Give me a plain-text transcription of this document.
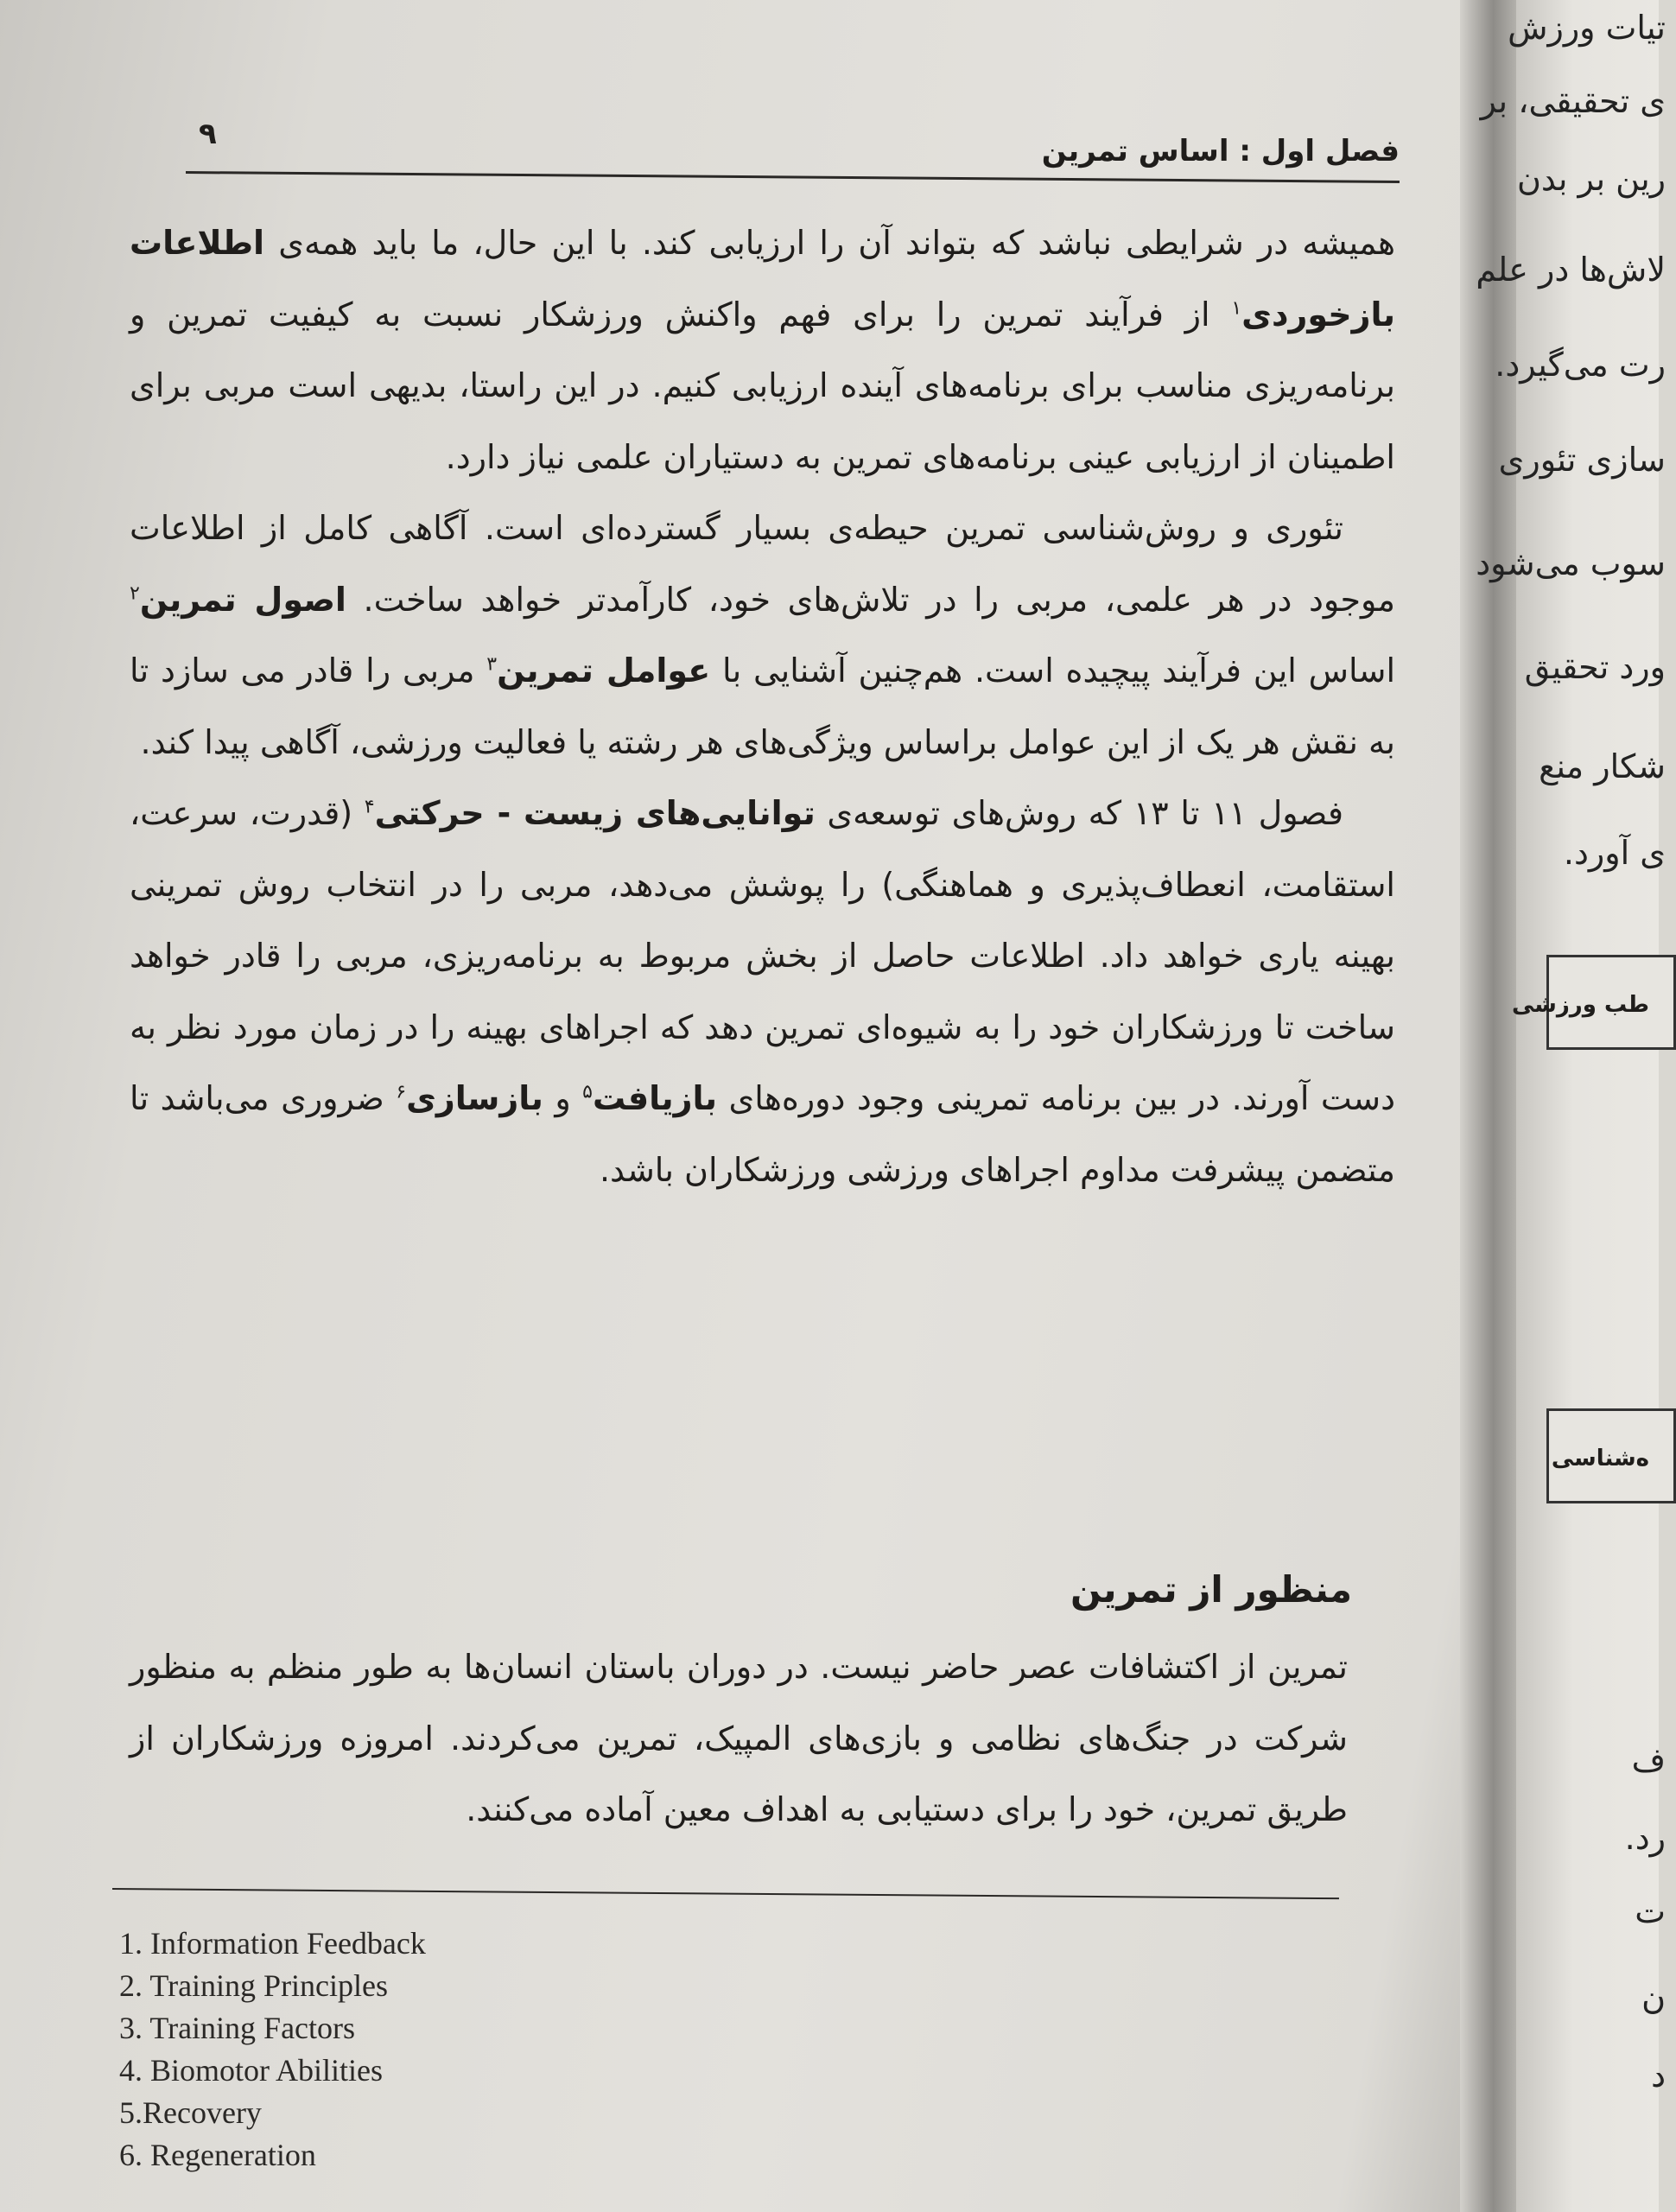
فصل اول : اساس تمرین
۹

همیشه در شرایطی نباشد که بتواند آن را ارزیابی کند. با این حال، ما باید همه‌ی اطلاعات بازخوردی$^۱$ از فرآیند تمرین را برای فهم واکنش ورزشکار نسبت به کیفیت تمرین و برنامه‌ریزی مناسب برای برنامه‌های آینده ارزیابی کنیم. در این راستا، بدیهی است مربی برای اطمینان از ارزیابی عینی برنامه‌های تمرین به دستیاران علمی نیاز دارد.

تئوری و روش‌شناسی تمرین حیطه‌ی بسیار گسترده‌ای است. آگاهی کامل از اطلاعات موجود در هر علمی، مربی را در تلاش‌های خود، کارآمدتر خواهد ساخت. اصول تمرین$^۲$ اساس این فرآیند پیچیده است. هم‌چنین آشنایی با عوامل تمرین$^۳$ مربی را قادر می سازد تا به نقش هر یک از این عوامل براساس ویژگی‌های هر رشته یا فعالیت ورزشی، آگاهی پیدا کند.

فصول ۱۱ تا ۱۳ که روش‌های توسعه‌ی توانایی‌های زیست - حرکتی$^۴$ (قدرت، سرعت، استقامت، انعطاف‌پذیری و هماهنگی) را پوشش می‌دهد، مربی را در انتخاب روش تمرینی بهینه یاری خواهد داد. اطلاعات حاصل از بخش مربوط به برنامه‌ریزی، مربی را قادر خواهد ساخت تا ورزشکاران خود را به شیوه‌ای تمرین دهد که اجراهای بهینه را در زمان مورد نظر به دست آورند. در بین برنامه تمرینی وجود دوره‌های بازیافت$^۵$ و بازسازی$^۶$ ضروری می‌باشد تا متضمن پیشرفت مداوم اجراهای ورزشی ورزشکاران باشد.

منظور از تمرین

تمرین از اکتشافات عصر حاضر نیست. در دوران باستان انسان‌ها به طور منظم به منظور شرکت در جنگ‌های نظامی و بازی‌های المپیک، تمرین می‌کردند. امروزه ورزشکاران از طریق تمرین، خود را برای دستیابی به اهداف معین آماده می‌کنند.

1. Information Feedback
2. Training Principles
3. Training Factors
4. Biomotor Abilities
5.Recovery
6. Regeneration
طب ورزشی
ه‌شناسی
تیات ورزش
ی تحقیقی، بر
رین بر بدن
لاش‌ها در علم
رت می‌گیرد.
سازی تئوری
سوب می‌شود
ورد تحقیق
شکار منع
ی آورد.
ف
رد.
ت
ن
د
